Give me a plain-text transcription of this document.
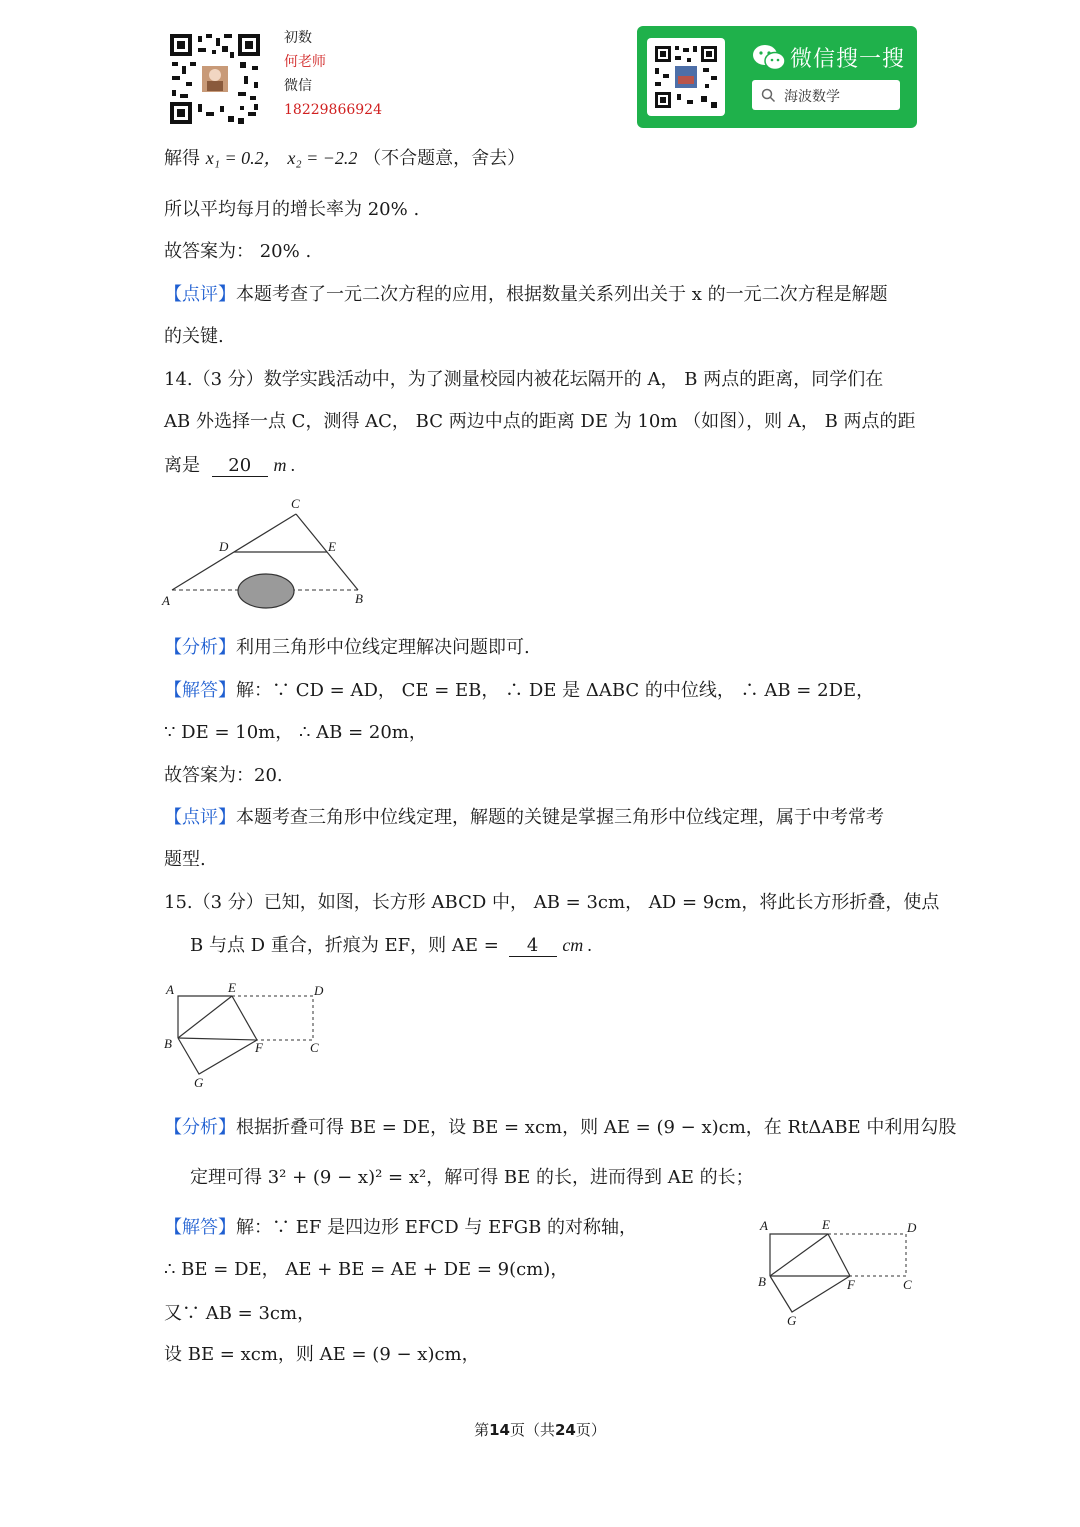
初数
何老师
微信
18229866924
微信搜一搜
海波数学
解得 x₁ = 0.2， x₂ = −2.2 （不合题意，舍去）
所以平均每月的增长率为 20% .
故答案为： 20% .
【点评】本题考查了一元二次方程的应用，根据数量关系列出关于 x 的一元二次方程是解题
的关键.
14.（3 分）数学实践活动中，为了测量校园内被花坛隔开的 A， B 两点的距离，同学们在
AB 外选择一点 C，测得 AC， BC 两边中点的距离 DE 为 10m （如图），则 A， B 两点的距
离是 20 m .
A	B
C
D	E
【分析】利用三角形中位线定理解决问题即可.
【解答】解：∵ CD = AD， CE = EB， ∴ DE 是 ΔABC 的中位线， ∴ AB = 2DE，
∵ DE = 10m， ∴ AB = 20m，
故答案为：20.
【点评】本题考查三角形中位线定理，解题的关键是掌握三角形中位线定理，属于中考常考
题型.
15.（3 分）已知，如图，长方形 ABCD 中， AB = 3cm， AD = 9cm，将此长方形折叠，使点
B 与点 D 重合，折痕为 EF，则 AE = 4 cm .
A	E	D
B	F	C
G
【分析】根据折叠可得 BE = DE，设 BE = xcm，则 AE = (9 − x)cm，在 RtΔABE 中利用勾股
定理可得 3² + (9 − x)² = x²，解可得 BE 的长，进而得到 AE 的长；
【解答】解：∵ EF 是四边形 EFCD 与 EFGB 的对称轴，
∴ BE = DE， AE + BE = AE + DE = 9(cm)，
又∵ AB = 3cm，
设 BE = xcm，则 AE = (9 − x)cm，
A	E	D
B	F	C
G
第14页（共24页）
